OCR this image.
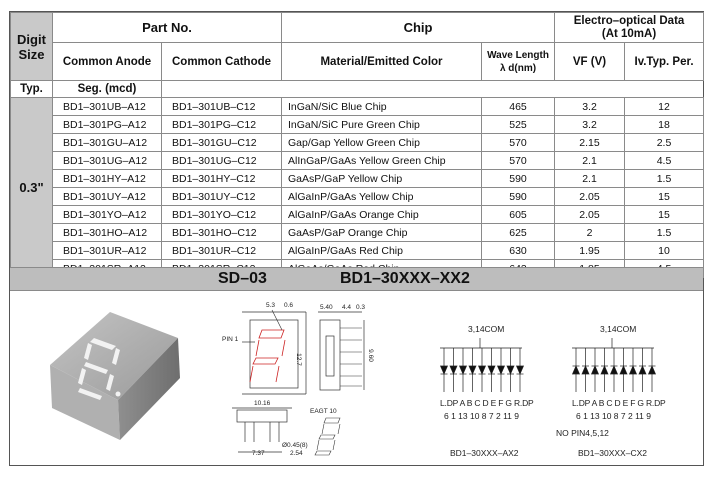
Digit Size	Part No.		Chip		Electro–optical Data
(At 10mA)	
	Common Anode	Common Cathode	Material/Emitted Color	Wave Length
λ d(nm)	VF (V)	Iv.Typ. Per.
Typ.	Seg. (mcd)					
0.3"	BD1–301UB–A12	BD1–301UB–C12	InGaN/SiC Blue Chip	465	3.2	12
	BD1–301PG–A12	BD1–301PG–C12	InGaN/SiC Pure Green Chip	525	3.2	18
	BD1–301GU–A12	BD1–301GU–C12	Gap/Gap Yellow Green Chip	570	2.15	2.5
	BD1–301UG–A12	BD1–301UG–C12	AlInGaP/GaAs Yellow Green Chip	570	2.1	4.5
	BD1–301HY–A12	BD1–301HY–C12	GaAsP/GaP Yellow Chip	590	2.1	1.5
	BD1–301UY–A12	BD1–301UY–C12	AlGaInP/GaAs Yellow Chip	590	2.05	15
	BD1–301YO–A12	BD1–301YO–C12	AlGaInP/GaAs Orange Chip	605	2.05	15
	BD1–301HO–A12	BD1–301HO–C12	GaAsP/GaP Orange Chip	625	2	1.5
	BD1–301UR–A12	BD1–301UR–C12	AlGaInP/GaAs Red Chip	630	1.95	10

SD–03	BD1–30XXX–XX2
3,14COM	3,14COM
L.DP A B C D E F G R.DP
6 1 13 10 8 7 2 11 9
L.DP A B C D E F G R.DP
6 1 13 10 8 7 2 11 9
NO PIN4,5,12
BD1–30XXX–AX2	BD1–30XXX–CX2
5.3 0.6
PIN 1
5.40 4.4 0.3
12.7	9.60
10.16
7.37
Ø0.45(8)
2.54
EAGT 10
